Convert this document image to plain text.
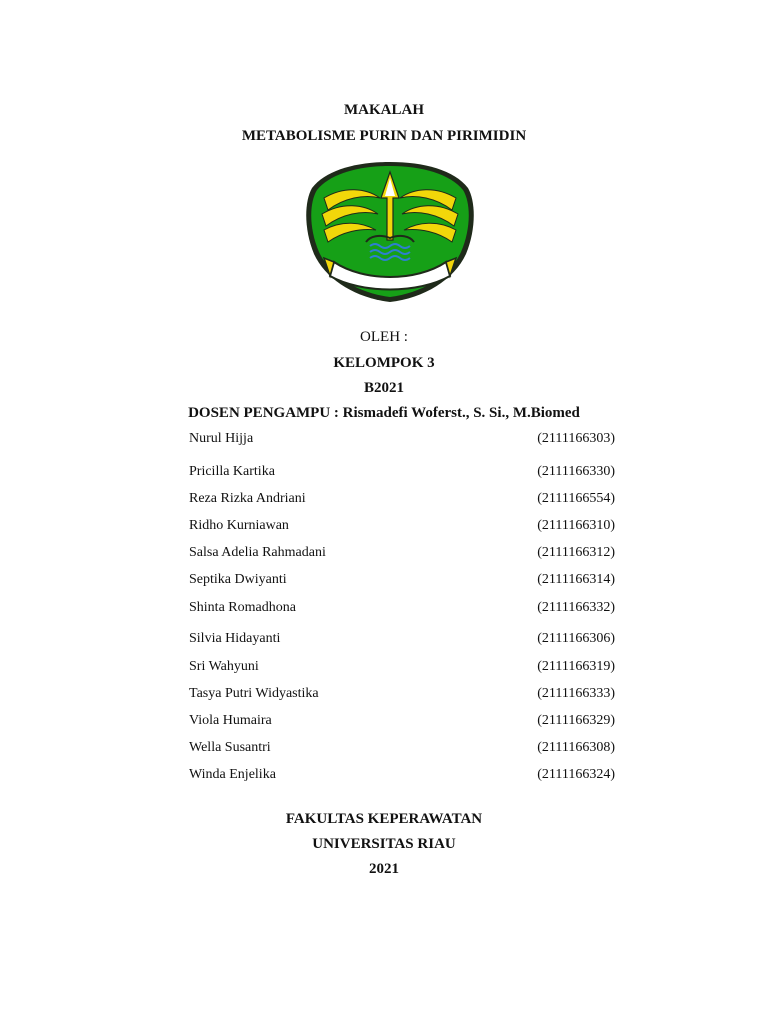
MAKALAH
METABOLISME PURIN DAN PIRIMIDIN
OLEH :
KELOMPOK 3
B2021
DOSEN PENGAMPU : Rismadefi Woferst., S. Si., M.Biomed
Nurul Hijja	(2111166303)
Pricilla Kartika	(2111166330)
Reza Rizka Andriani	(2111166554)
Ridho Kurniawan	(2111166310)
Salsa Adelia Rahmadani	(2111166312)
Septika Dwiyanti	(2111166314)
Shinta Romadhona	(2111166332)
Silvia Hidayanti	(2111166306)
Sri Wahyuni	(2111166319)
Tasya Putri Widyastika	(2111166333)
Viola Humaira	(2111166329)
Wella Susantri	(2111166308)
Winda Enjelika	(2111166324)
FAKULTAS KEPERAWATAN
UNIVERSITAS RIAU
2021
